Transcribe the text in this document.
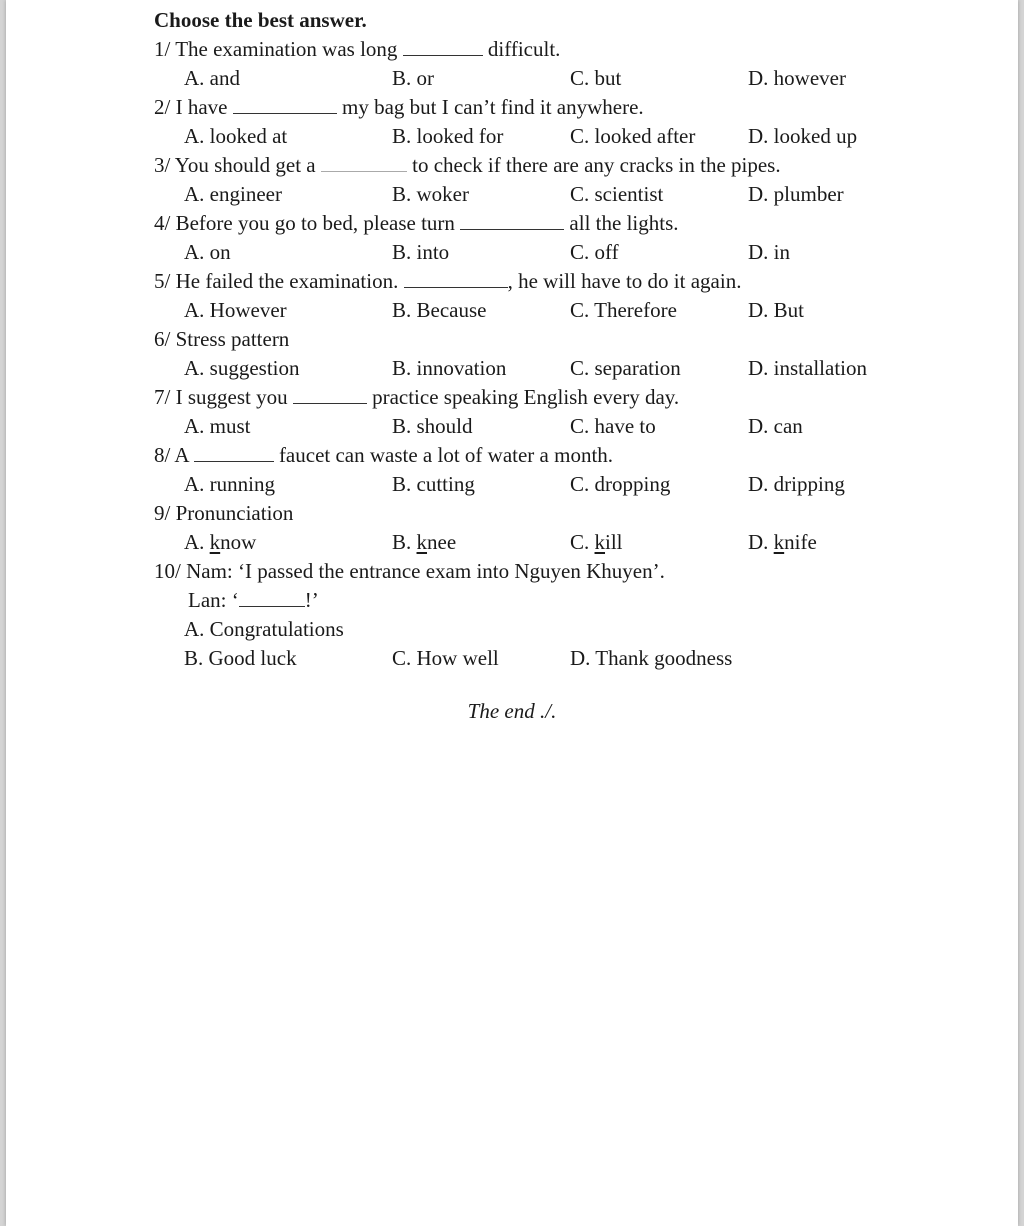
Choose the best answer.
1/ The examination was long	difficult.
A. and	B. or	C. but	D. however
2/ I have	my bag but I can’t find it anywhere.
A. looked at	B. looked for	C. looked after	D. looked up
3/ You should get a	to check if there are any cracks in the pipes.
A. engineer	B. woker	C. scientist	D. plumber
4/ Before you go to bed, please turn	all the lights.
A. on	B. into	C. off	D. in
5/ He failed the examination.	, he will have to do it again.
A. However	B. Because	C. Therefore	D. But
6/ Stress pattern
A. suggestion	B. innovation	C. separation	D. installation
7/ I suggest you	practice speaking English every day.
A. must	B. should	C. have to	D. can
8/ A	faucet can waste a lot of water a month.
A. running	B. cutting	C. dropping	D. dripping
9/ Pronunciation
A. know	B. knee	C. kill	D. knife
10/ Nam: ‘I passed the entrance exam into Nguyen Khuyen’.
Lan: ‘	!’
A. Congratulations
B. Good luck	C. How well	D. Thank goodness
The end ./.
